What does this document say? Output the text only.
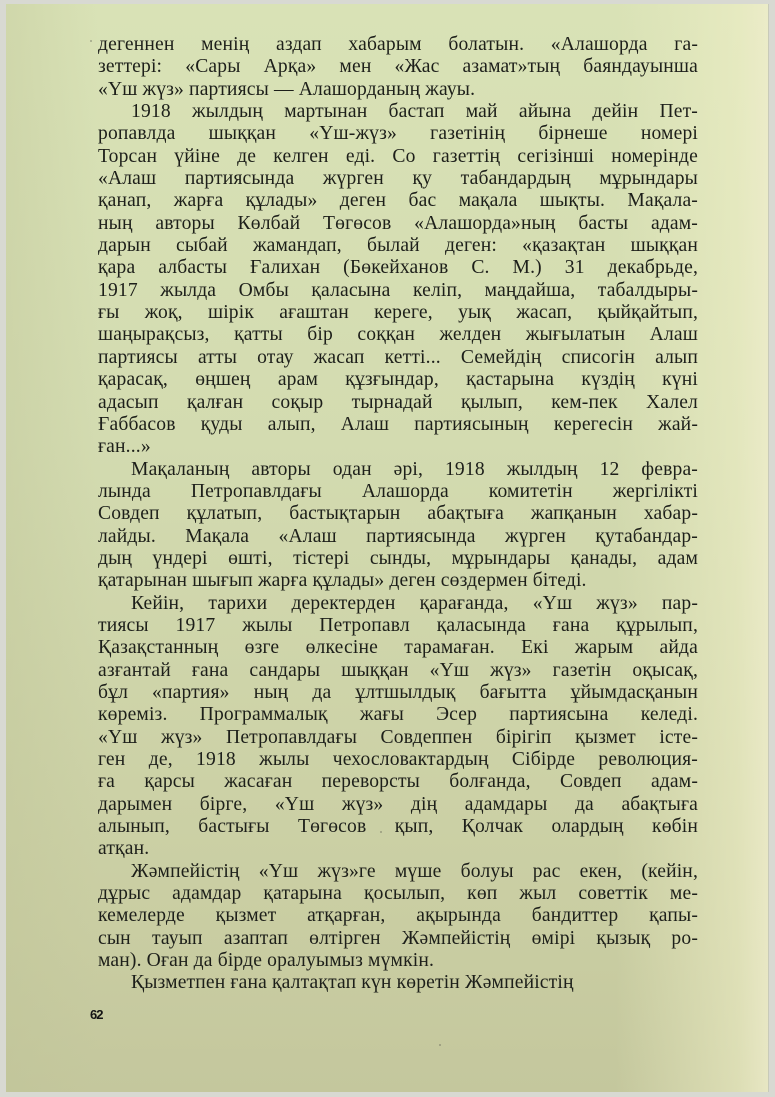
дегеннен менің аздап хабарым болатын. «Алашорда га-
зеттері: «Сары Арқа» мен «Жас азамат»тың баяндауынша
«Үш жүз» партиясы — Алашорданың жауы.
1918 жылдың мартынан бастап май айына дейін Пет-
ропавлда шыққан «Үш-жүз» газетінің бірнеше номері
Торсан үйіне де келген еді. Со газеттің сегізінші номерінде
«Алаш партиясында жүрген қу табандардың мұрындары
қанап, жарға құлады» деген бас мақала шықты. Мақала-
ның авторы Көлбай Төгөсов «Алашорда»ның басты адам-
дарын сыбай жамандап, былай деген: «қазақтан шыққан
қара албасты Ғалихан (Бөкейханов С. М.) 31 декабрьде,
1917 жылда Омбы қаласына келіп, маңдайша, табалдыры-
ғы жоқ, шірік ағаштан кереге, уық жасап, қыйқайтып,
шаңырақсыз, қатты бір соққан желден жығылатын Алаш
партиясы атты отау жасап кетті... Семейдің списогін алып
қарасақ, өңшең арам құзғындар, қастарына күздің күні
адасып қалған соқыр тырнадай қылып, кем-пек Халел
Ғаббасов қуды алып, Алаш партиясының керегесін жай-
ған...»
Мақаланың авторы одан әрі, 1918 жылдың 12 февра-
лында Петропавлдағы Алашорда комитетін жергілікті
Совдеп құлатып, бастықтарын абақтыға жапқанын хабар-
лайды. Мақала «Алаш партиясында жүрген қутабандар-
дың үндері өшті, тістері сынды, мұрындары қанады, адам
қатарынан шығып жарға құлады» деген сөздермен бітеді.
Кейін, тарихи деректерден қарағанда, «Үш жүз» пар-
тиясы 1917 жылы Петропавл қаласында ғана құрылып,
Қазақстанның өзге өлкесіне тарамаған. Екі жарым айда
азғантай ғана сандары шыққан «Үш жүз» газетін оқысақ,
бұл «партия» ның да ұлтшылдық бағытта ұйымдасқанын
көреміз. Программалық жағы Эсер партиясына келеді.
«Үш жүз» Петропавлдағы Совдеппен бірігіп қызмет істе-
ген де, 1918 жылы чехословактардың Сібірде революция-
ға қарсы жасаған переворсты болғанда, Совдеп адам-
дарымен бірге, «Үш жүз» дің адамдары да абақтыға
алынып, бастығы Төгөсов қып, Қолчак олардың көбін
атқан.
Жәмпейістің «Үш жүз»ге мүше болуы рас екен, (кейін,
дұрыс адамдар қатарына қосылып, көп жыл советтік ме-
кемелерде қызмет атқарған, ақырында бандиттер қапы-
сын тауып азаптап өлтірген Жәмпейістің өмірі қызық ро-
ман). Оған да бірде оралуымыз мүмкін.
Қызметпен ғана қалтақтап күн көретін Жәмпейістің
62
